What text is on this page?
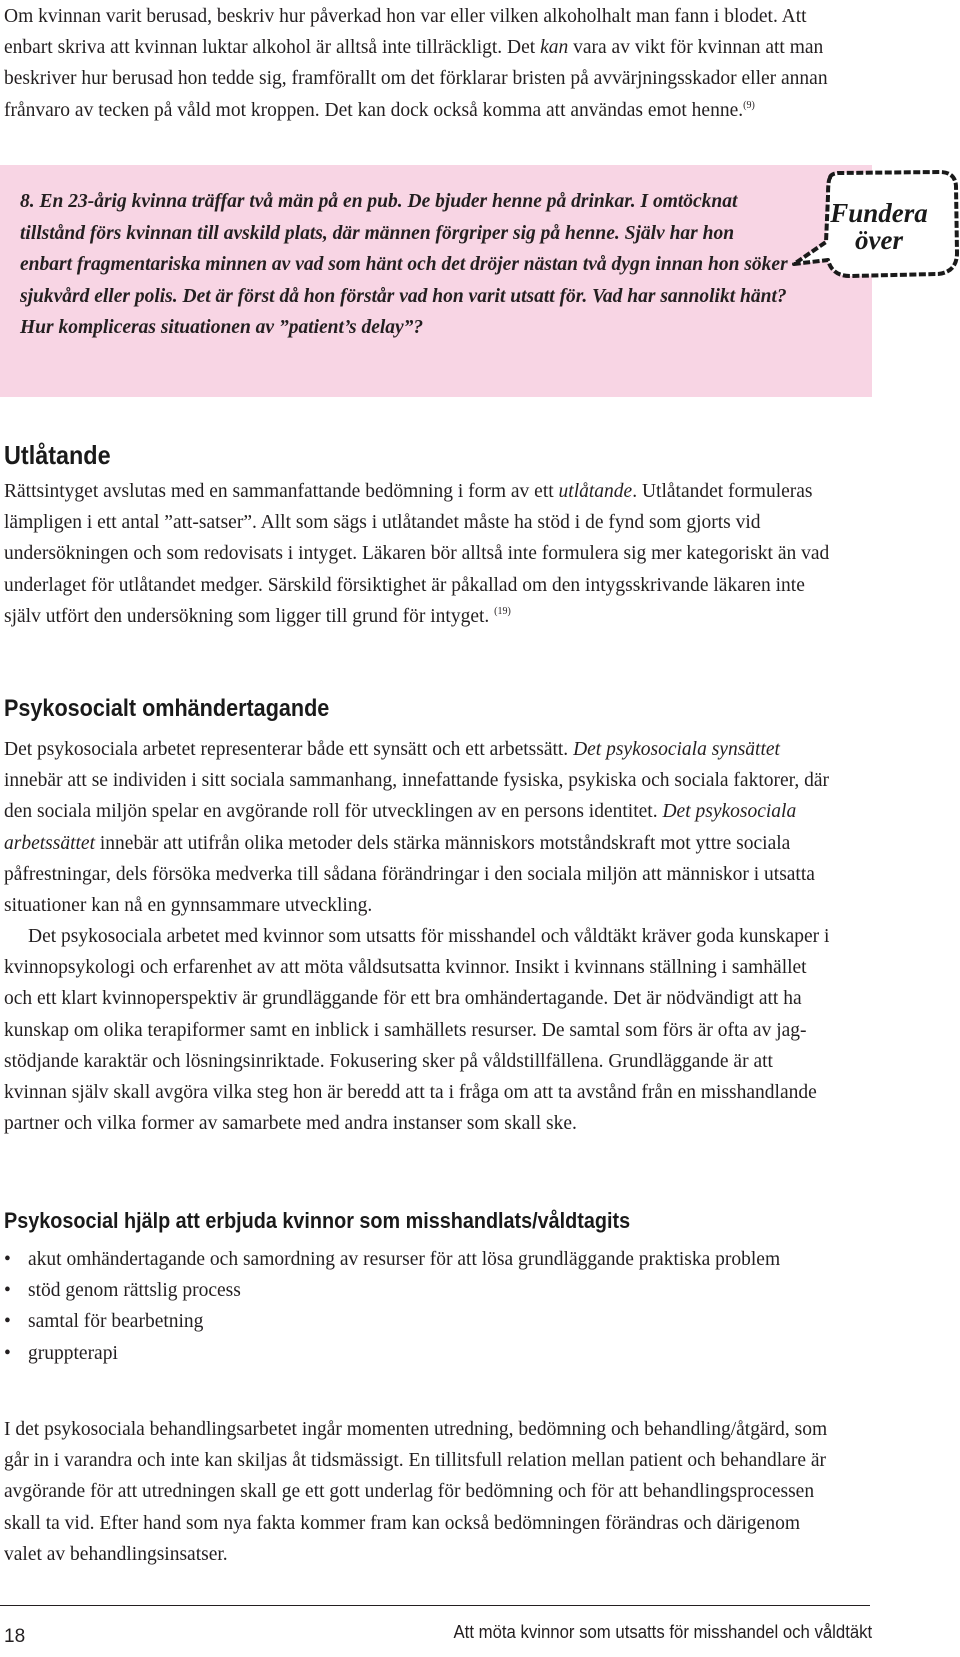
Om kvinnan varit berusad, beskriv hur påverkad hon var eller vilken alkoholhalt man fann i blodet. Att enbart skriva att kvinnan luktar alkohol är alltså inte tillräckligt. Det kan vara av vikt för kvinnan att man beskriver hur berusad hon tedde sig, framförallt om det förklarar bristen på avvärjningsskador eller annan frånvaro av tecken på våld mot kroppen. Det kan dock också komma att användas emot henne.$^{(9)}$

8. En 23-årig kvinna träffar två män på en pub. De bjuder henne på drinkar. I omtöcknat tillstånd förs kvinnan till avskild plats, där männen förgriper sig på henne. Själv har hon enbart fragmentariska minnen av vad som hänt och det dröjer nästan två dygn innan hon söker sjukvård eller polis. Det är först då hon förstår vad hon varit utsatt för. Vad har sannolikt hänt? Hur kompliceras situationen av ”patient’s delay”?

Fundera
över
Utlåtande

Rättsintyget avslutas med en sammanfattande bedömning i form av ett utlåtande. Utlåtandet formuleras lämpligen i ett antal ”att-satser”. Allt som sägs i utlåtandet måste ha stöd i de fynd som gjorts vid undersökningen och som redovisats i intyget. Läkaren bör alltså inte formulera sig mer kategoriskt än vad underlaget för utlåtandet medger. Särskild försiktighet är påkallad om den intygsskrivande läkaren inte själv utfört den undersökning som ligger till grund för intyget. $^{(19)}$

Psykosocialt omhändertagande

Det psykosociala arbetet representerar både ett synsätt och ett arbetssätt. Det psykosociala synsättet innebär att se individen i sitt sociala sammanhang, innefattande fysiska, psykiska och sociala faktorer, där den sociala miljön spelar en avgörande roll för utvecklingen av en persons identitet. Det psykosociala arbetssättet innebär att utifrån olika metoder dels stärka människors motståndskraft mot yttre sociala påfrestningar, dels försöka medverka till sådana förändringar i den sociala miljön att människor i utsatta situationer kan nå en gynnsammare utveckling.

Det psykosociala arbetet med kvinnor som utsatts för misshandel och våldtäkt kräver goda kunskaper i kvinnopsykologi och erfarenhet av att möta våldsutsatta kvinnor. Insikt i kvinnans ställning i samhället och ett klart kvinnoperspektiv är grundläggande för ett bra omhändertagande. Det är nödvändigt att ha kunskap om olika terapiformer samt en inblick i samhällets resurser. De samtal som förs är ofta av jag-stödjande karaktär och lösningsinriktade. Fokusering sker på våldstillfällena. Grundläggande är att kvinnan själv skall avgöra vilka steg hon är beredd att ta i fråga om att ta avstånd från en misshandlande partner och vilka former av samarbete med andra instanser som skall ske.

Psykosocial hjälp att erbjuda kvinnor som misshandlats/våldtagits
• akut omhändertagande och samordning av resurser för att lösa grundläggande praktiska problem
• stöd genom rättslig process
• samtal för bearbetning
• gruppterapi

I det psykosociala behandlingsarbetet ingår momenten utredning, bedömning och behandling/åtgärd, som går in i varandra och inte kan skiljas åt tidsmässigt. En tillitsfull relation mellan patient och behandlare är avgörande för att utredningen skall ge ett gott underlag för bedömning och för att behandlingsprocessen skall ta vid. Efter hand som nya fakta kommer fram kan också bedömningen förändras och därigenom valet av behandlingsinsatser.

18	Att möta kvinnor som utsatts för misshandel och våldtäkt
